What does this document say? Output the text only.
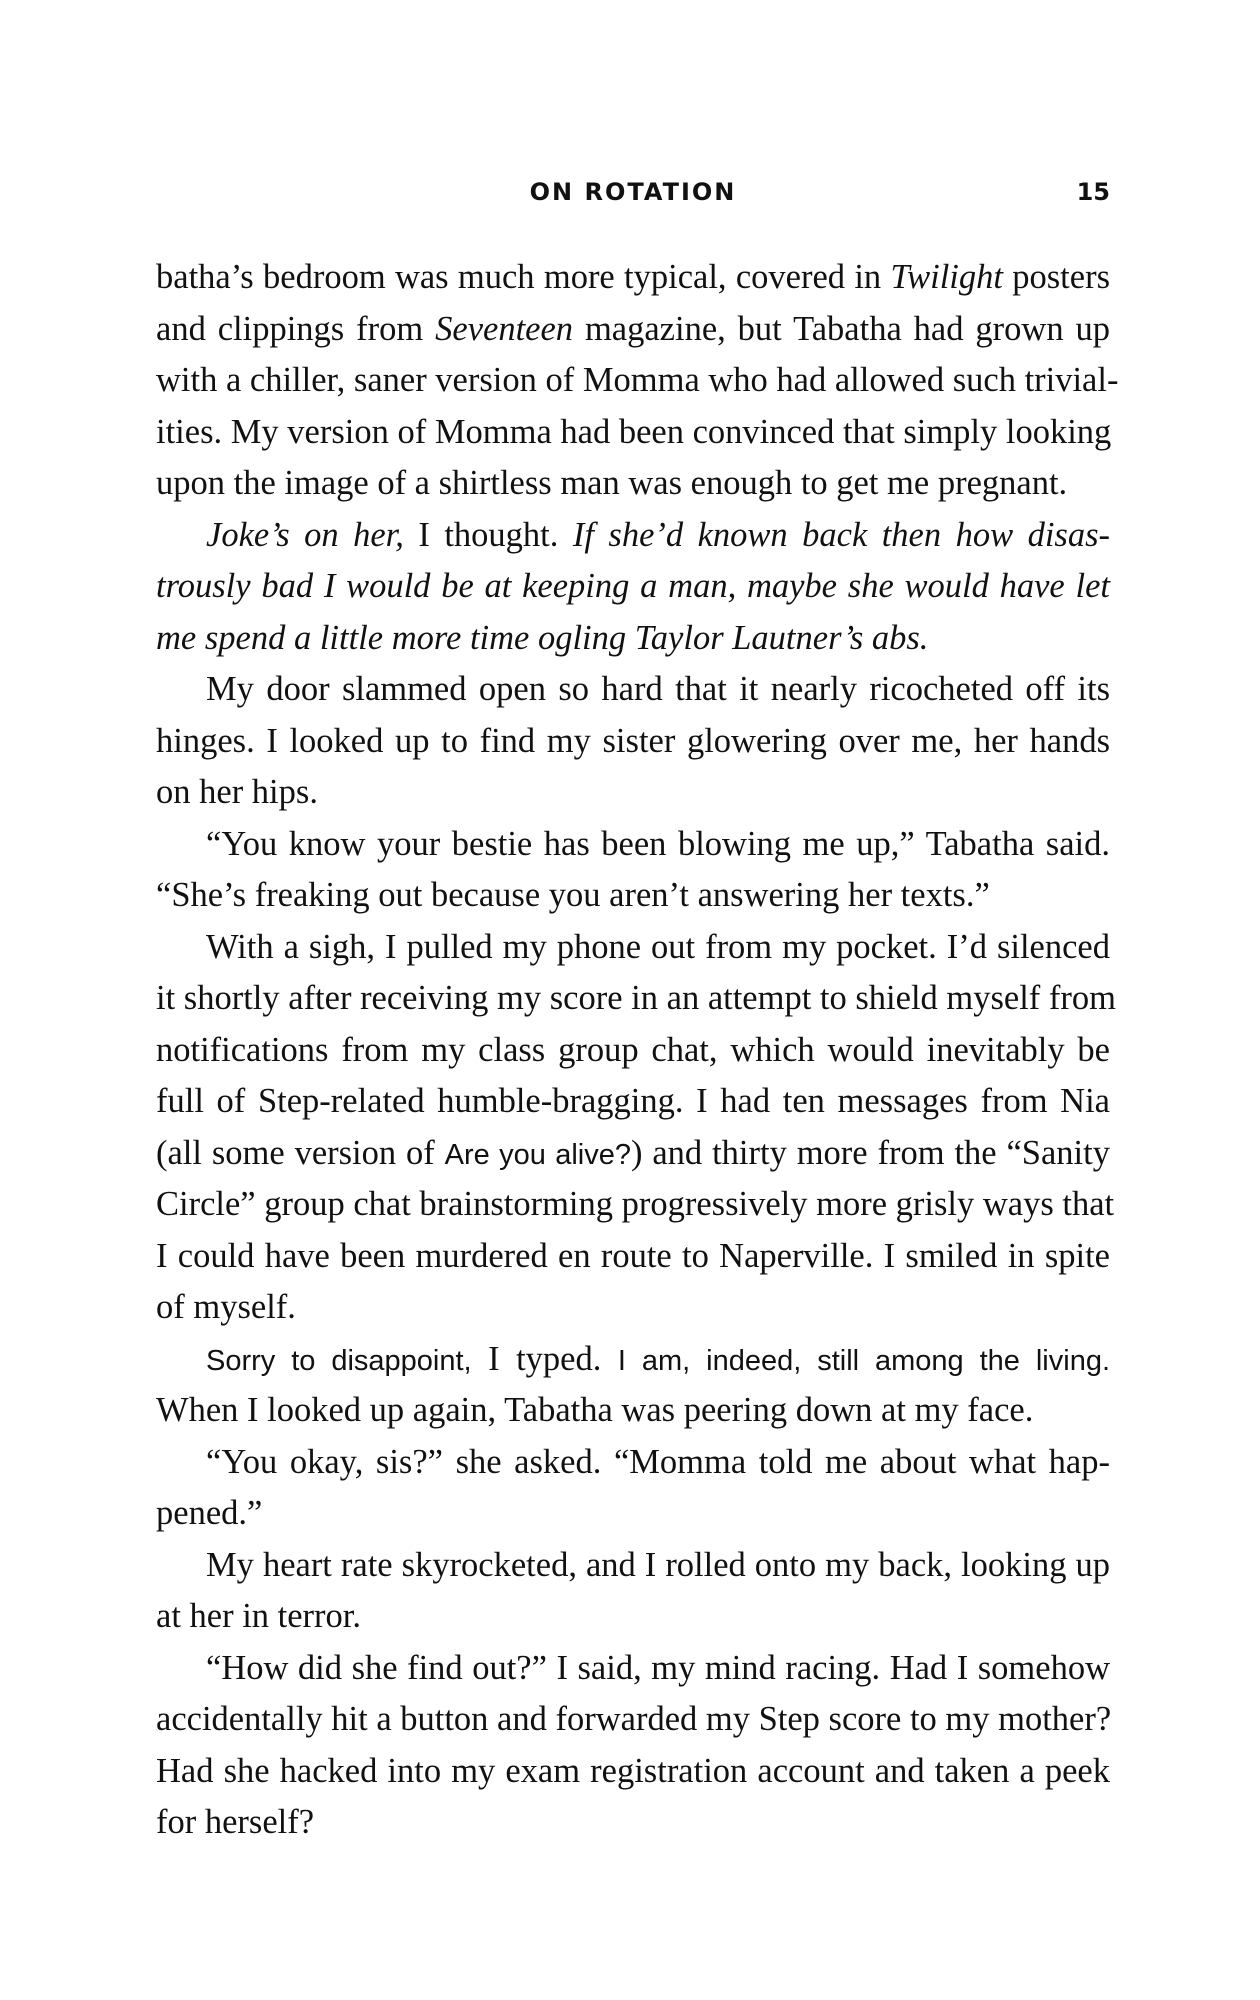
ON ROTATION	15
batha’s bedroom was much more typical, covered in Twilight posters
and clippings from Seventeen magazine, but Tabatha had grown up
with a chiller, saner version of Momma who had allowed such trivial-
ities. My version of Momma had been convinced that simply looking
upon the image of a shirtless man was enough to get me pregnant.
Joke’s on her, I thought. If she’d known back then how disas-
trously bad I would be at keeping a man, maybe she would have let
me spend a little more time ogling Taylor Lautner’s abs.
My door slammed open so hard that it nearly ricocheted off its
hinges. I looked up to find my sister glowering over me, her hands
on her hips.
“You know your bestie has been blowing me up,” Tabatha said.
“She’s freaking out because you aren’t answering her texts.”
With a sigh, I pulled my phone out from my pocket. I’d silenced
it shortly after receiving my score in an attempt to shield myself from
notifications from my class group chat, which would inevitably be
full of Step-related humble-bragging. I had ten messages from Nia
(all some version of Are you alive?) and thirty more from the “Sanity
Circle” group chat brainstorming progressively more grisly ways that
I could have been murdered en route to Naperville. I smiled in spite
of myself.
Sorry to disappoint, I typed. I am, indeed, still among the living.
When I looked up again, Tabatha was peering down at my face.
“You okay, sis?” she asked. “Momma told me about what hap-
pened.”
My heart rate skyrocketed, and I rolled onto my back, looking up
at her in terror.
“How did she find out?” I said, my mind racing. Had I somehow
accidentally hit a button and forwarded my Step score to my mother?
Had she hacked into my exam registration account and taken a peek
for herself?
